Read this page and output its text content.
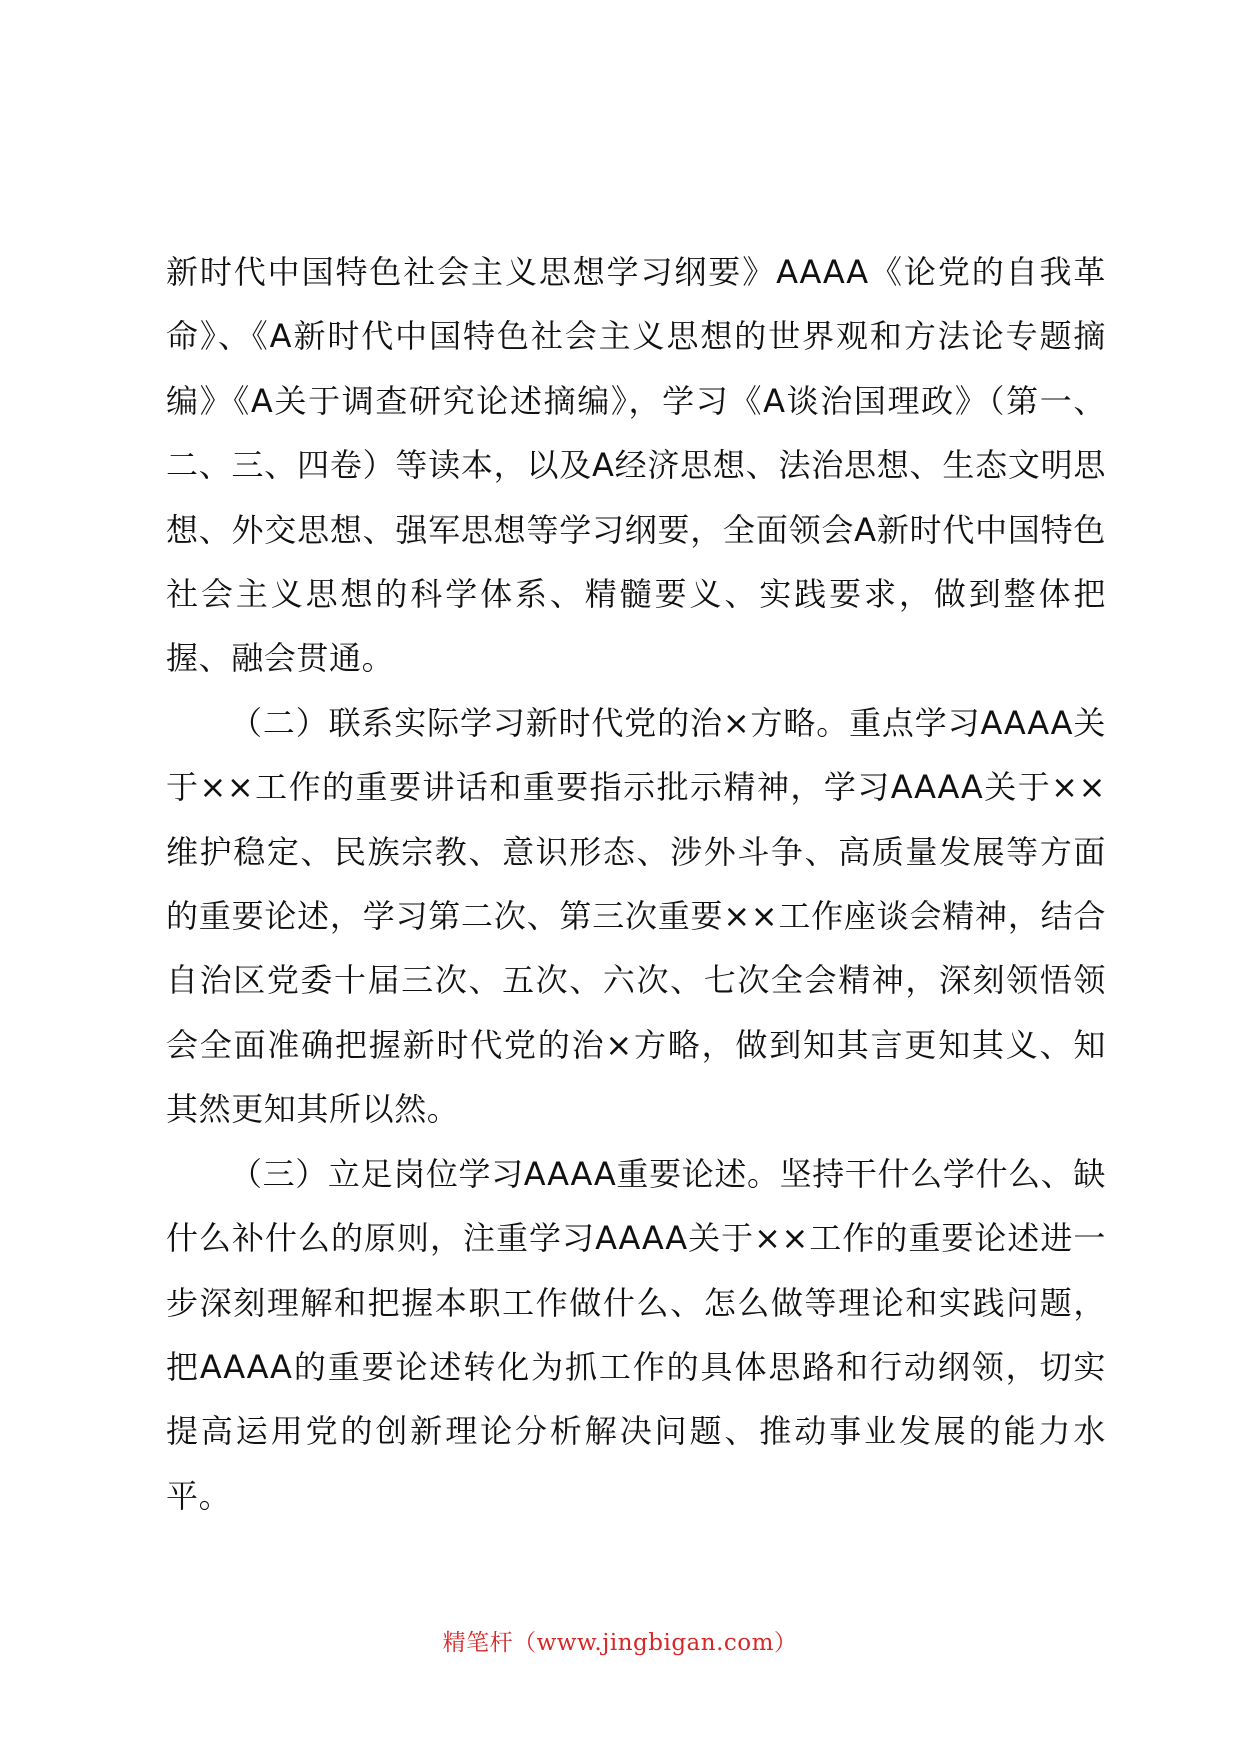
新时代中国特色社会主义思想学习纲要》AAAA《论党的自我革命》、《A新时代中国特色社会主义思想的世界观和方法论专题摘编》《A关于调查研究论述摘编》，学习《A谈治国理政》（第一、二、三、四卷）等读本，以及A经济思想、法治思想、生态文明思想、外交思想、强军思想等学习纲要，全面领会A新时代中国特色社会主义思想的科学体系、精髓要义、实践要求，做到整体把握、融会贯通。

（二）联系实际学习新时代党的治×方略。重点学习AAAA关于××工作的重要讲话和重要指示批示精神，学习AAAA关于××维护稳定、民族宗教、意识形态、涉外斗争、高质量发展等方面的重要论述，学习第二次、第三次重要××工作座谈会精神，结合自治区党委十届三次、五次、六次、七次全会精神，深刻领悟领会全面准确把握新时代党的治×方略，做到知其言更知其义、知其然更知其所以然。

（三）立足岗位学习AAAA重要论述。坚持干什么学什么、缺什么补什么的原则，注重学习AAAA关于××工作的重要论述进一步深刻理解和把握本职工作做什么、怎么做等理论和实践问题，把AAAA的重要论述转化为抓工作的具体思路和行动纲领，切实提高运用党的创新理论分析解决问题、推动事业发展的能力水平。

精笔杆（www.jingbigan.com）
